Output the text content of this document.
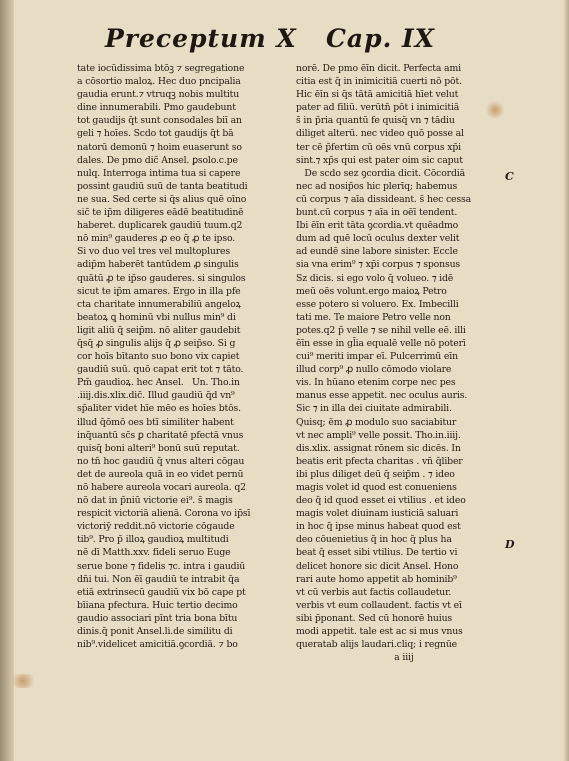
Preceptum X Cap. IX
tate iocūdissima btōꝫ ⁊ segregatione
a cōsortio maloꝝ. Hec duo pncipalia
gaudia erunt.⁊ vtruqꝫ nobis multitu
dine innumerabili. Pmo gaudebunt
tot gaudijs q̄t sunt consodales biī an
geli ⁊ hoīes. Scdo tot gaudijs q̄t bā
natorū demonū ⁊ hoim euaserunt so
dales. De pmo dic̄ Ansel. ꝑsolo.c.pe
nulq. Interroga intima tua si capere
possint gaudiū suū de tanta beatitudi
ne sua. Sed certe si q̄s alius quē oīno
sic̄ te ip̄m diligeres eādē beatitudinē
haberet. duplicarek gaudiū tuum.q2
nō min⁹ gauderes ꝓ eo q̄ ꝓ te ipso.
Si vo duo vel tres vel multoplures
adip̄m haberēt tantūdem ꝓ singulis
quātū ꝓ te ip̄so gauderes. si singulos
sicut te ip̄m amares. Ergo in illa pfe
cta charitate innumerabiliū angeloꝝ
beatoꝝ ꝗ hominū vbi nullus min⁹ di
ligit aliū q̄ seip̄m. nō aliter gaudebit
q̄sq̄ ꝓ singulis alijs q̄ ꝓ seip̄so. Si g
cor hoīs bītanto suo bono vix capiet
gaudiū suū. quō capat erit tot ⁊ tāto.
Pm̄ gaudioꝝ. hec Ansel.   Un. Tho.in
.iiij.dis.xlix.dic̄. Illud gaudiū q̄d vn⁹
sp̄aliter videt hīe mēo es hoīes btōs.
illud q̄ōmō oes btī similiter habent
inq̄uantū sc̄s ꝑ charitatē pfectā vnus
quisq̄ boni alteri⁹ bonū suū reputat.
no tn̄ hoc gaudiū q̄ vnus alteri cōgau
det de aureola quā in eo videt pernū
nō habere aureola vocari aureola. q2
nō dat in p̄niū victorie ei⁹. s̄ magis
respicit victoriā alienā. Corona vo ip̄sī
victoriȳ reddit.nō victorie cōgaude
tib⁹. Pro p̄ illoꝝ gaudioꝝ multitudi
nē dī Matth.xxv. fideli seruo Euge
serue bone ⁊ fidelis ⁊c. intra i gaudiū
dn̄i tui. Non ēī gaudiū te intrabit q̄a
etiā extrinsecū gaudiū vix bō cape pt
bīiana pfectura. Huic tertio decimo
gaudio associari pīnt tria bona bītu
dinis.q̄ ponit Ansel.li.de similitu di
nib⁹.videlicet amicitiā.ꝯcordiā. ⁊ bo
norē. De pmo ēīn dicit. Perfecta ami
citia est q̄ in inimicitiā cuerti nō pōt.
Hic ēīn si q̄s tātā amicitiā hīet velut
pater ad filiū. verūtn̄ pōt i inimicitiā
s̄ in p̄ria quantū fe quisq̄ vn ⁊ tādiu
diliget alterū. nec video quō posse al
ter cē p̄fertim cū oēs vnū corpus xp̄i
sint.⁊ xp̄s qui est pater oim sic caput
De scdo sez ꝯcordia dicit. Cōcordiā
nec ad nosip̄os hic plerīq; habemus
cū corpus ⁊ aīa dissideant. s̄ hec cessa
bunt.cū corpus ⁊ aīa in oēī tendent.
Ibi ēīn erit tāta ꝯcordia.vt quēadmo
dum ad quē locū oculus dexter velit
ad eundē sine labore sinister. Eccle
sia vna erim⁹ ⁊ xp̄i corpus ⁊ sponsus
Sz dicis. si ego volo q̄ volueo. ⁊ idē
meū oēs volunt.ergo maioꝝ Petro
esse potero si voluero. Ex. Imbecilli
tati me. Te maiore Petro velle non
potes.q2 p̄ velle ⁊ se nihil velle eē. illi
ēīn esse in gl̄ia equalē velle nō poterī
cui⁹ meriti impar eī. Pulcerrimū eīn
illud corp⁹ ꝓ nullo cōmodo violare
vis. In hūano etenim corpe nec pes
manus esse appetit. nec oculus auris.
Sic ⁊ in illa dei ciuitate admirabili.
Quisq; ēm ꝓ modulo suo saciabitur
vt nec ampli⁹ velle possit. Tho.in.iiij.
dis.xlix. assignat rōnem sic dicēs. In
beatis erit pfecta charitas . vn̄ q̄liber
ibi plus diliget deū q̄ seip̄m . ⁊ ideo
magis volet id quod est conueniens
deo q̄ id quod esset ei vtilius . et ideo
magis volet diuinam iusticiā saluari
in hoc q̄ ipse minus habeat quod est
deo cōuenietius q̄ in hoc q̄ plus ha
beat q̄ esset sibi vtilius. De tertio vi
delicet honore sic dicit Ansel. Hono
rari aute homo appetit ab hominib⁹
vt cū verbis aut factis collaudetur.
verbis vt eum collaudent. factis vt eī
sibi p̄ponant. Sed cū honorē huius
modi appetit. tale est ac si mus vnus
queratab alijs laudari.cliq; i regnūe
a iiij
C
D
